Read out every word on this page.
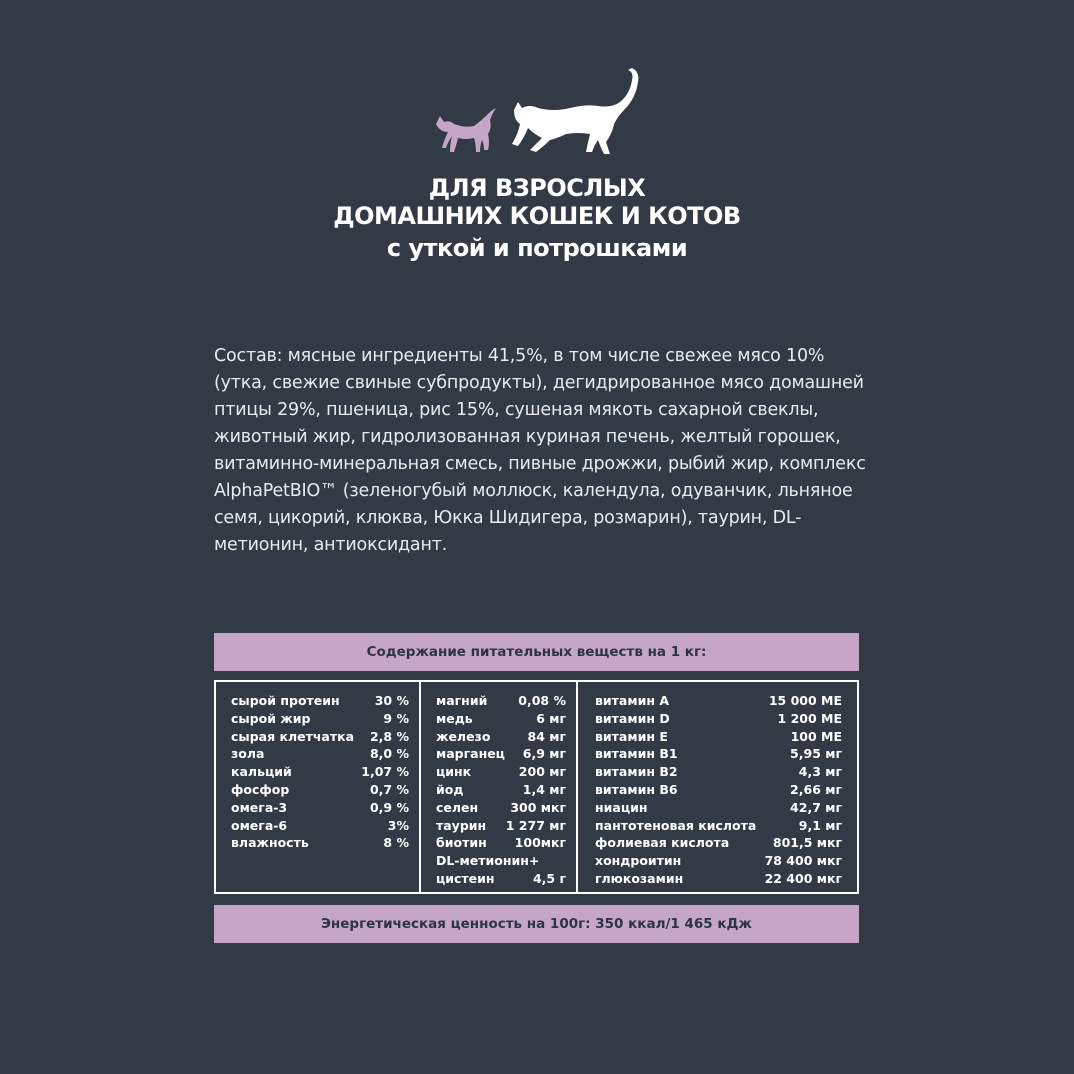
ДЛЯ ВЗРОСЛЫХ
ДОМАШНИХ КОШЕК И КОТОВ
с уткой и потрошками
Состав: мясные ингредиенты 41,5%, в том числе свежее мясо 10% (утка, свежие свиные субпродукты), дегидрированное мясо домашней птицы 29%, пшеница, рис 15%, сушеная мякоть сахарной свеклы, животный жир, гидролизованная куриная печень, желтый горошек, витаминно-минеральная смесь, пивные дрожжи, рыбий жир, комплекс AlphaPetBIO™ (зеленогубый моллюск, календула, одуванчик, льняное семя, цикорий, клюква, Юкка Шидигера, розмарин), таурин, DL-метионин, антиоксидант.
Содержание питательных веществ на 1 кг:
сырой протеин	30 %
сырой жир	9 %
сырая клетчатка 2,8 %
зола	8,0 %
кальций	1,07 %
фосфор	0,7 %
омега-3	0,9 %
омега-6	3%
влажность	8 %
магний 0,08 %
медь	6 мг
железо	84 мг
марганец 6,9 мг
цинк	200 мг
йод	1,4 мг
селен	300 мкг
таурин 1 277 мг
биотин 100мкг
DL-метионин+
цистеин	4,5 г
витамин А	15 000 МЕ
витамин D	1 200 МЕ
витамин Е	100 МЕ
витамин В1	5,95 мг
витамин В2	4,3 мг
витамин В6	2,66 мг
ниацин	42,7 мг
пантотеновая кислота	9,1 мг
фолиевая кислота	801,5 мкг
хондроитин	78 400 мкг
глюкозамин	22 400 мкг
Энергетическая ценность на 100г: 350 ккал/1 465 кДж
